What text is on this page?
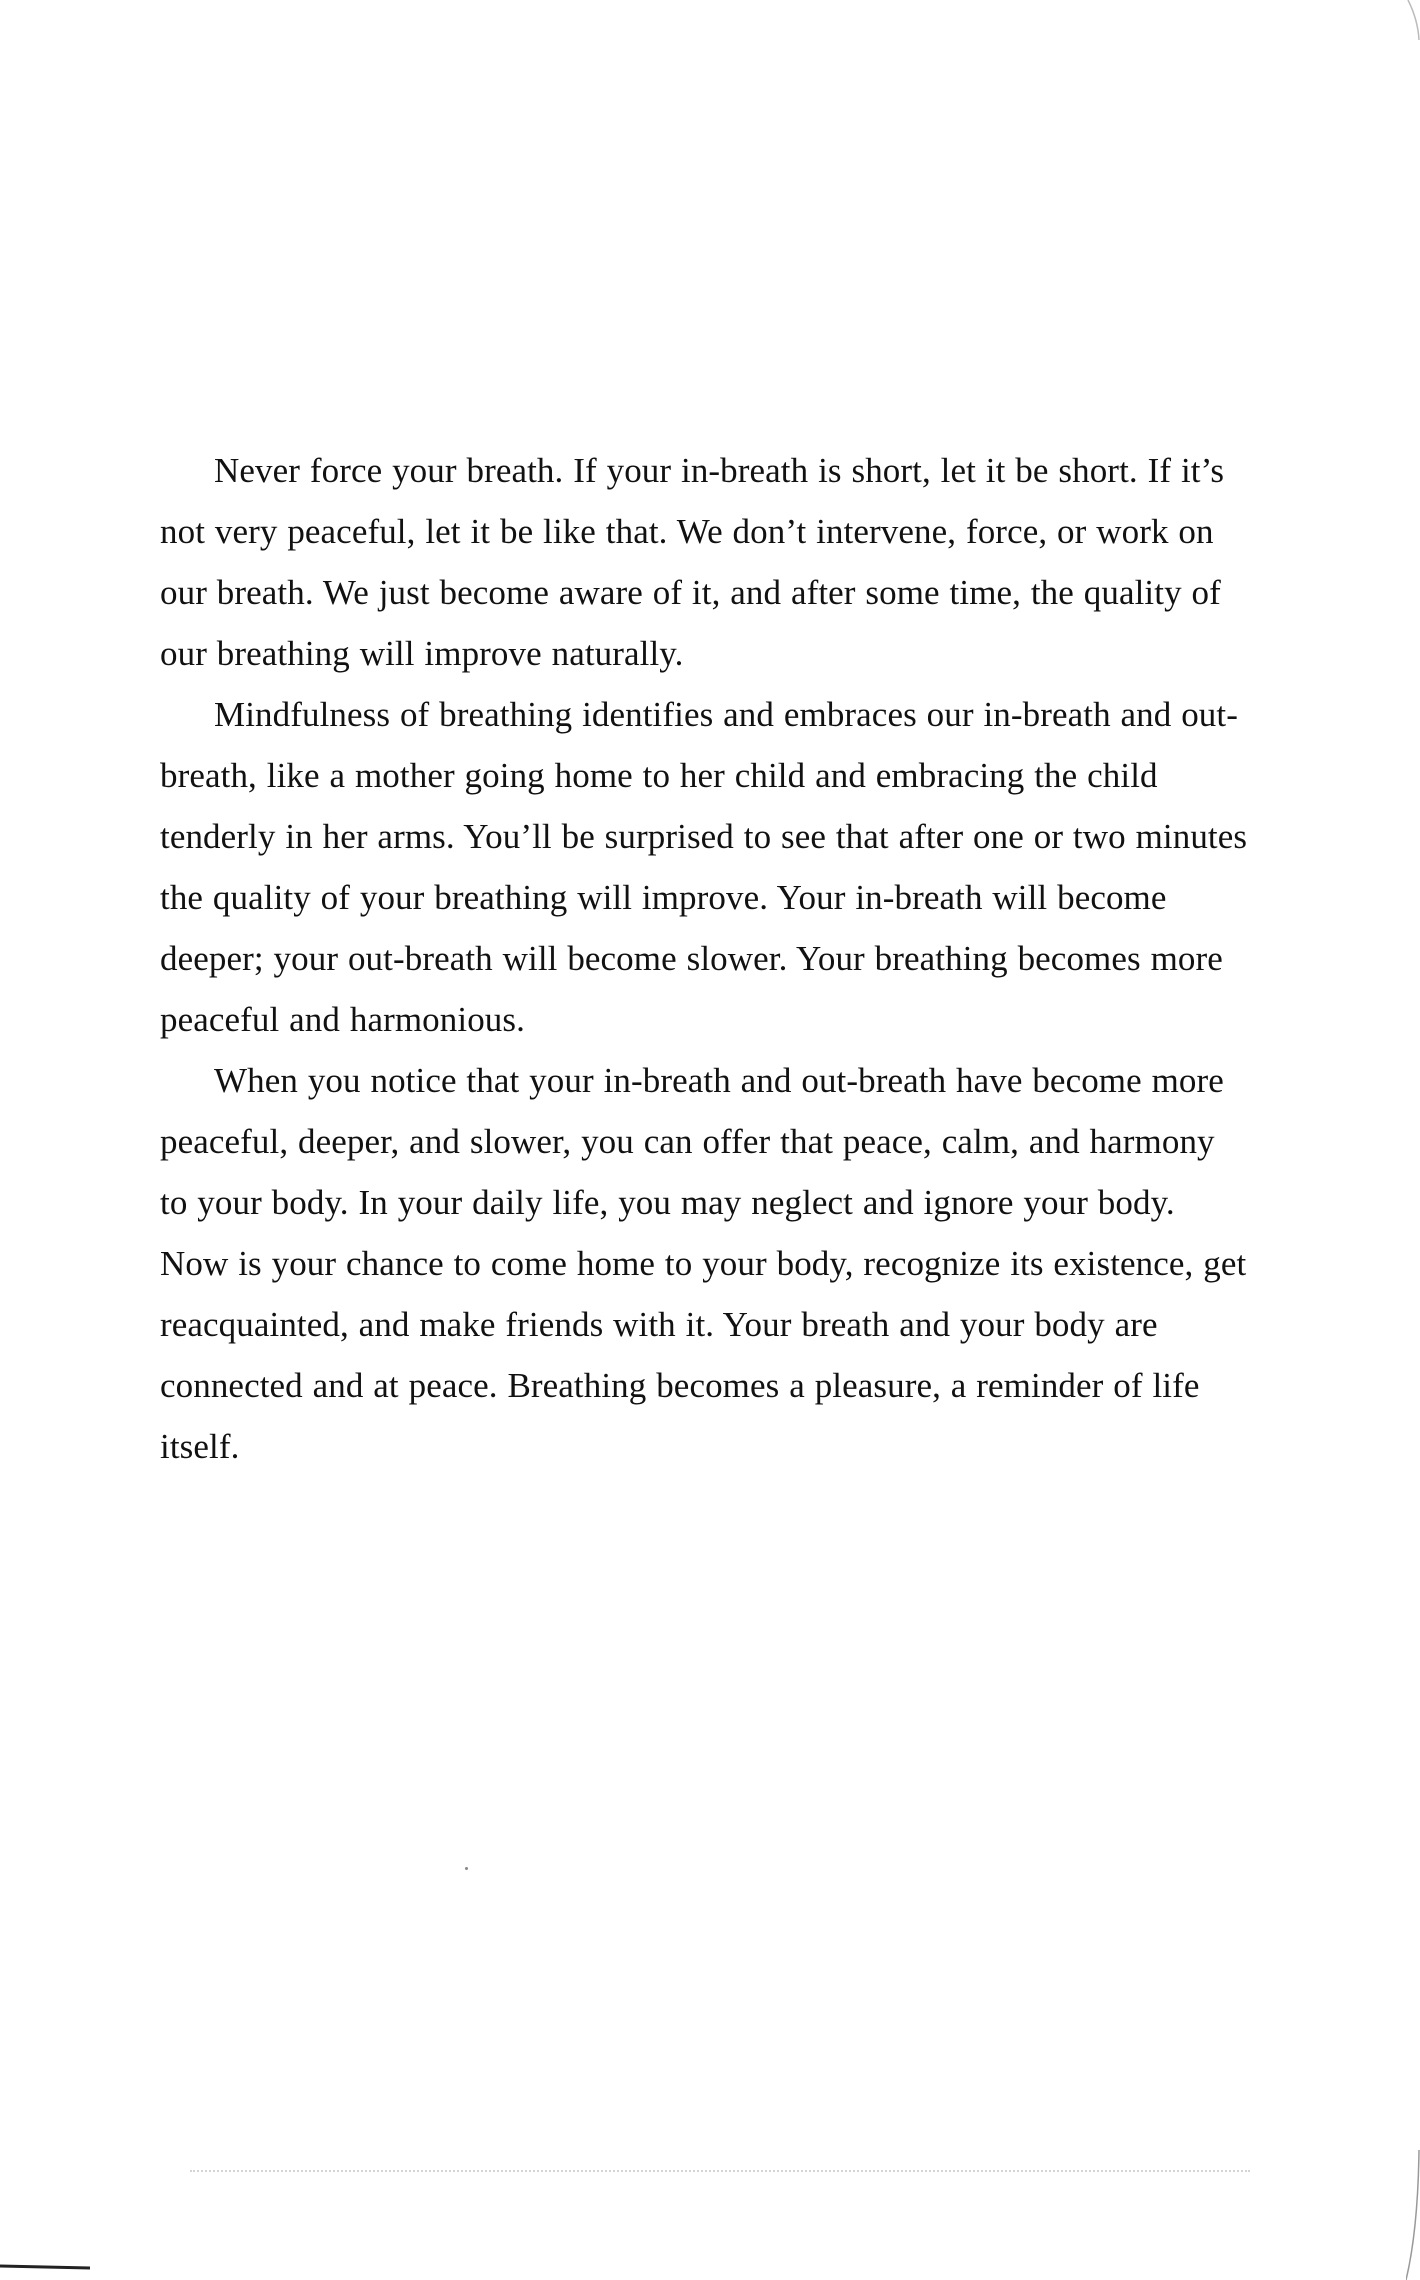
Never force your breath. If your in-breath is short, let it be short. If it’s not very peaceful, let it be like that. We don’t intervene, force, or work on our breath. We just become aware of it, and after some time, the quality of our breathing will improve naturally.

Mindfulness of breathing identifies and embraces our in-breath and out-breath, like a mother going home to her child and embracing the child tenderly in her arms. You’ll be surprised to see that after one or two minutes the quality of your breathing will improve. Your in-breath will become deeper; your out-breath will become slower. Your breathing becomes more peaceful and harmonious.

When you notice that your in-breath and out-breath have become more peaceful, deeper, and slower, you can offer that peace, calm, and harmony to your body. In your daily life, you may neglect and ignore your body. Now is your chance to come home to your body, recognize its existence, get reacquainted, and make friends with it. Your breath and your body are connected and at peace. Breathing becomes a pleasure, a reminder of life itself.
